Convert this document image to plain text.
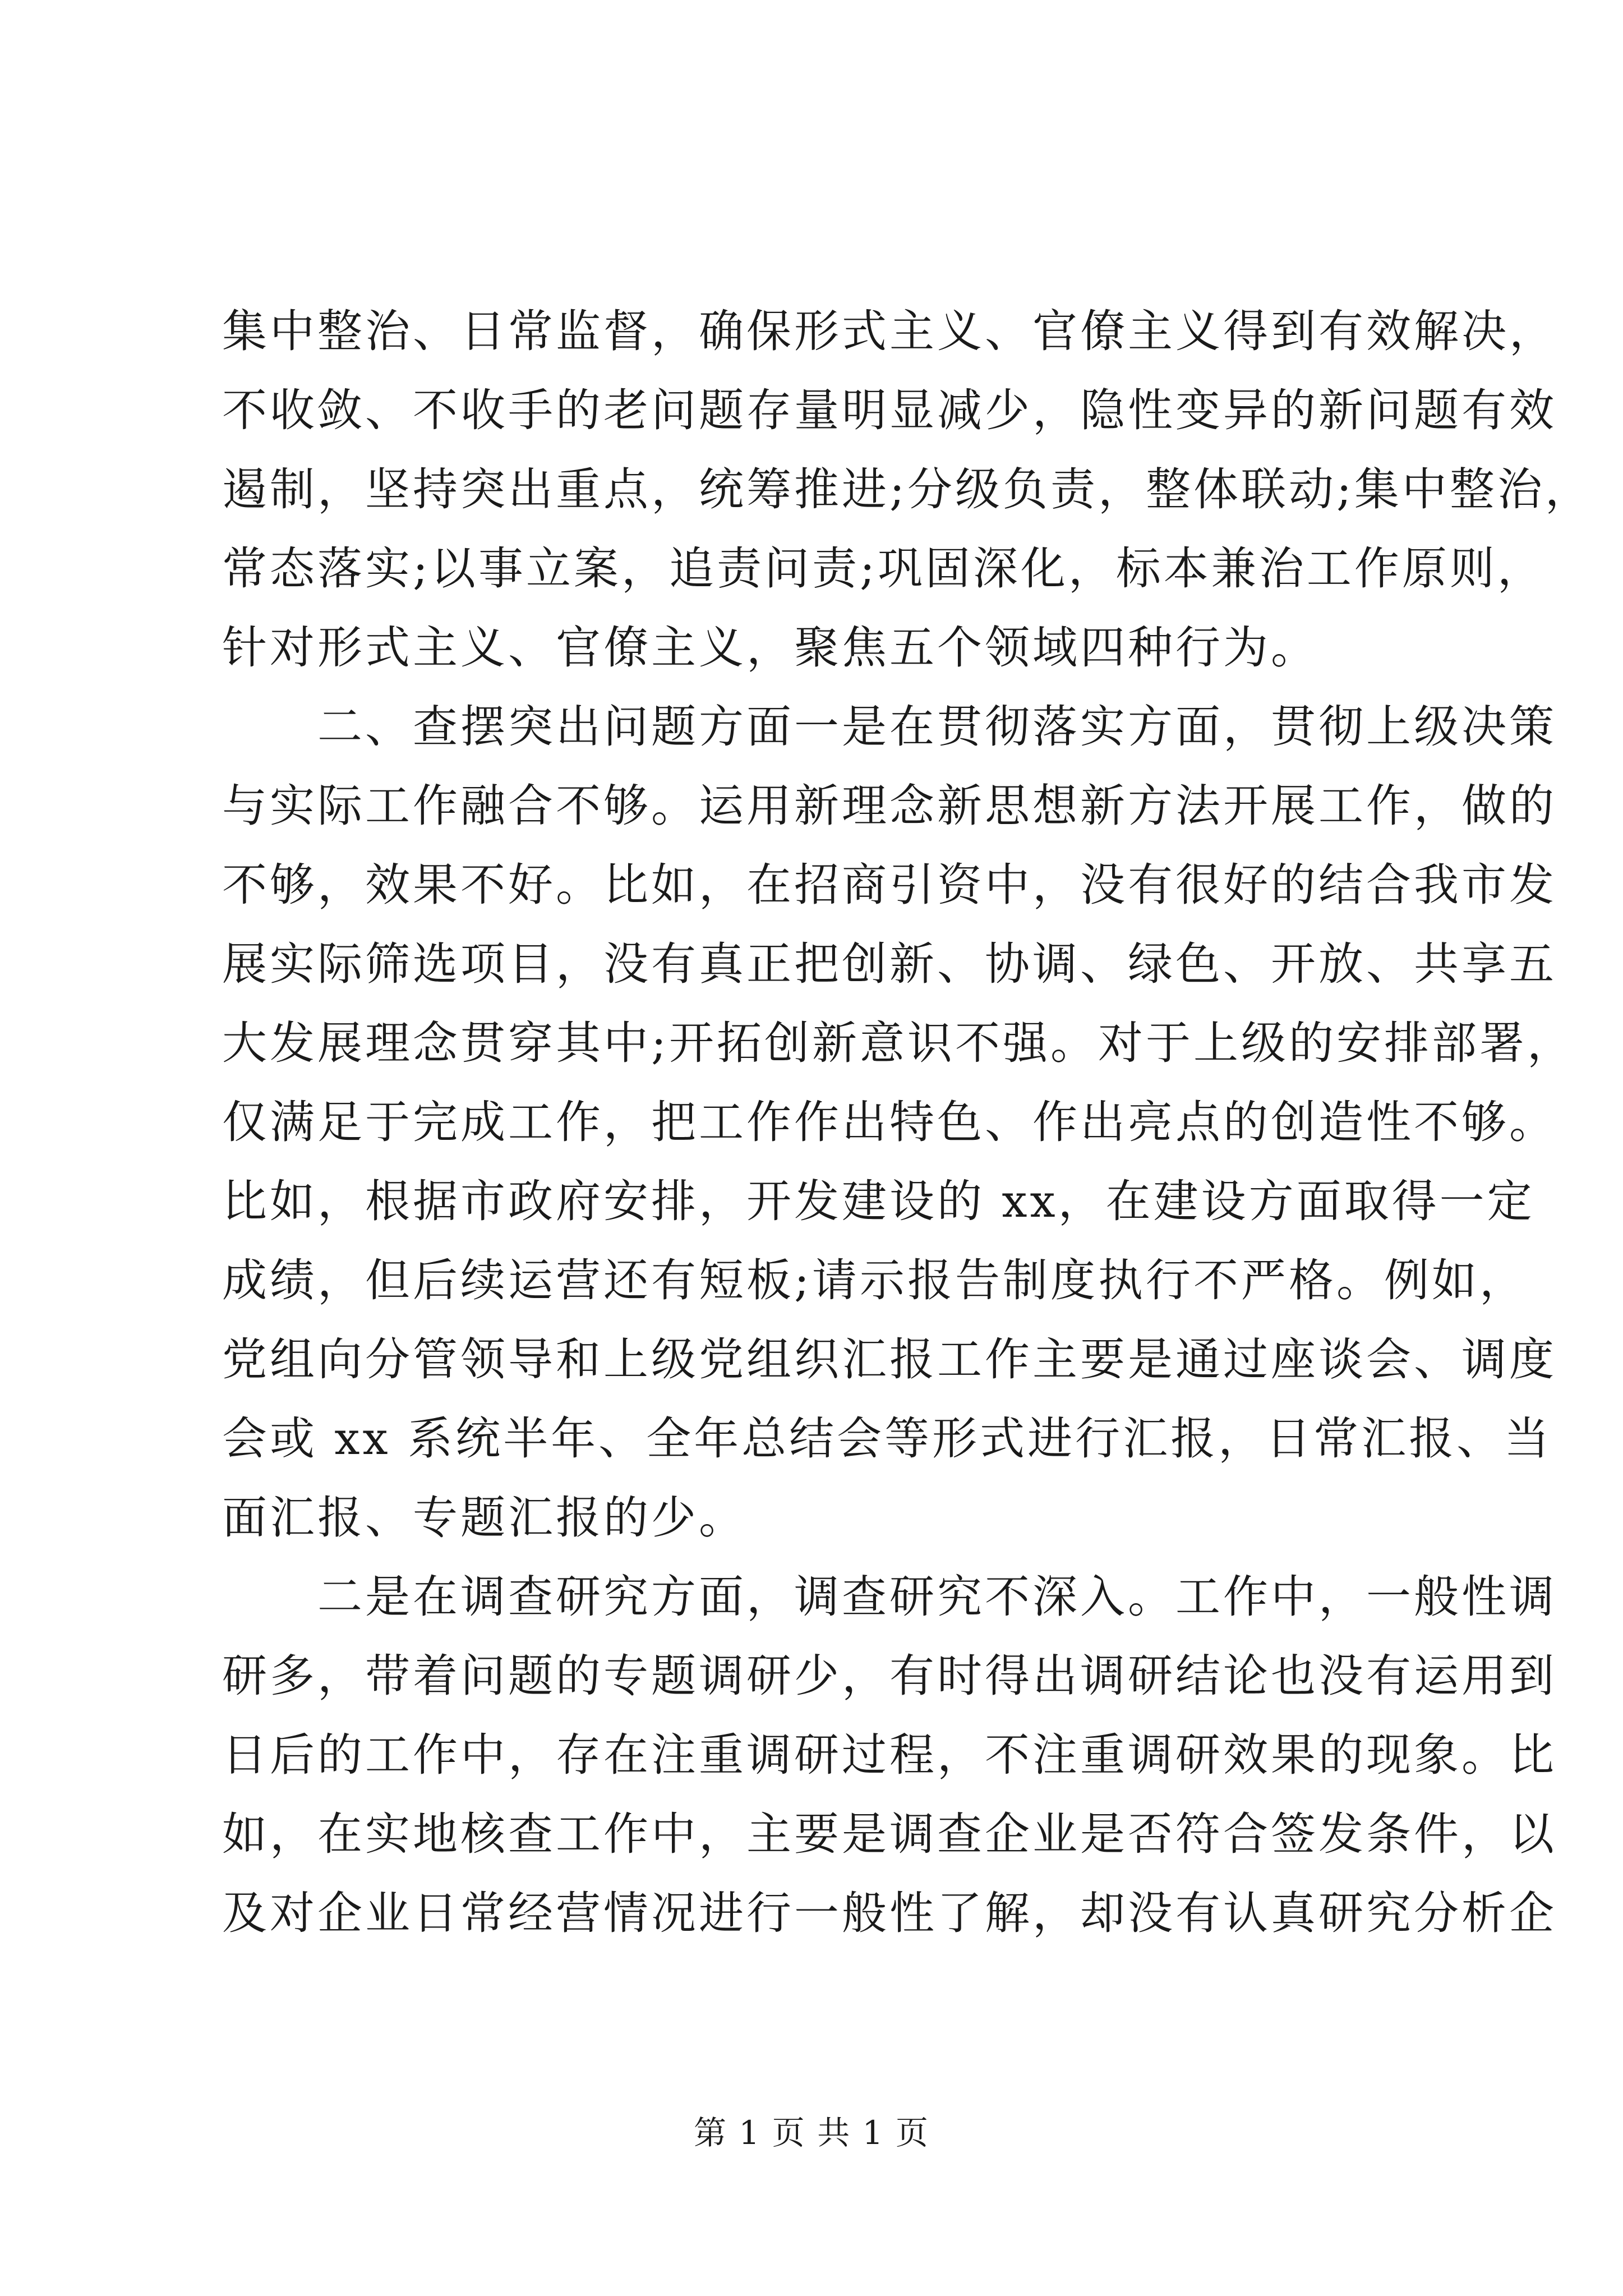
集中整治、日常监督，确保形式主义、官僚主义得到有效解决，
不收敛、不收手的老问题存量明显减少，隐性变异的新问题有效
遏制，坚持突出重点，统筹推进;分级负责，整体联动;集中整治，
常态落实;以事立案，追责问责;巩固深化，标本兼治工作原则，
针对形式主义、官僚主义，聚焦五个领域四种行为。
　　二、查摆突出问题方面一是在贯彻落实方面，贯彻上级决策
与实际工作融合不够。运用新理念新思想新方法开展工作，做的
不够，效果不好。比如，在招商引资中，没有很好的结合我市发
展实际筛选项目，没有真正把创新、协调、绿色、开放、共享五
大发展理念贯穿其中;开拓创新意识不强。对于上级的安排部署，
仅满足于完成工作，把工作作出特色、作出亮点的创造性不够。
比如，根据市政府安排，开发建设的 xx，在建设方面取得一定
成绩，但后续运营还有短板;请示报告制度执行不严格。例如，
党组向分管领导和上级党组织汇报工作主要是通过座谈会、调度
会或 xx 系统半年、全年总结会等形式进行汇报，日常汇报、当
面汇报、专题汇报的少。
　　二是在调查研究方面，调查研究不深入。工作中，一般性调
研多，带着问题的专题调研少，有时得出调研结论也没有运用到
日后的工作中，存在注重调研过程，不注重调研效果的现象。比
如，在实地核查工作中，主要是调查企业是否符合签发条件，以
及对企业日常经营情况进行一般性了解，却没有认真研究分析企
第 1 页 共 1 页
